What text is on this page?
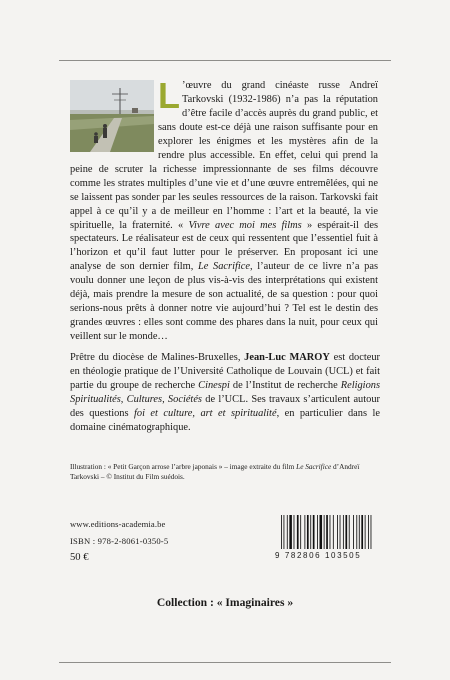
L ’œuvre du grand cinéaste russe Andreï Tarkovski (1932-1986) n’a pas la réputation d’être facile d’accès auprès du grand public, et sans doute est-ce déjà une raison suffisante pour en explorer les énigmes et les mystères afin de la rendre plus accessible. En effet, celui qui prend la peine de scruter la richesse impressionnante de ses films découvre comme les strates multiples d’une vie et d’une œuvre entremêlées, qui ne se laissent pas sonder par les seules ressources de la raison. Tarkovski fait appel à ce qu’il y a de meilleur en l’homme : l’art et la beauté, la vie spirituelle, la fraternité. « Vivre avec moi mes films » espérait-il des spectateurs. Le réalisateur est de ceux qui ressentent que l’essentiel fuit à l’horizon et qu’il faut lutter pour le préserver. En proposant ici une analyse de son dernier film, Le Sacrifice, l’auteur de ce livre n’a pas voulu donner une leçon de plus vis-à-vis des interprétations qui existent déjà, mais prendre la mesure de son actualité, de sa question : pour quoi serions-nous prêts à donner notre vie aujourd’hui ? Tel est le destin des grandes œuvres : elles sont comme des phares dans la nuit, pour ceux qui veillent sur le monde…
Prêtre du diocèse de Malines-Bruxelles, Jean-Luc MAROY est docteur en théologie pratique de l’Université Catholique de Louvain (UCL) et fait partie du groupe de recherche Cinespi de l’Institut de recherche Religions Spiritualités, Cultures, Sociétés de l’UCL. Ses travaux s’articulent autour des questions foi et culture, art et spiritualité, en particulier dans le domaine cinématographique.
Illustration : « Petit Garçon arrose l’arbre japonais » – image extraite du film Le Sacrifice d’Andreï Tarkovski – © Institut du Film suédois.
www.editions-academia.be
ISBN : 978-2-8061-0350-5
50 €	9 782806 103505
Collection : « Imaginaires »
